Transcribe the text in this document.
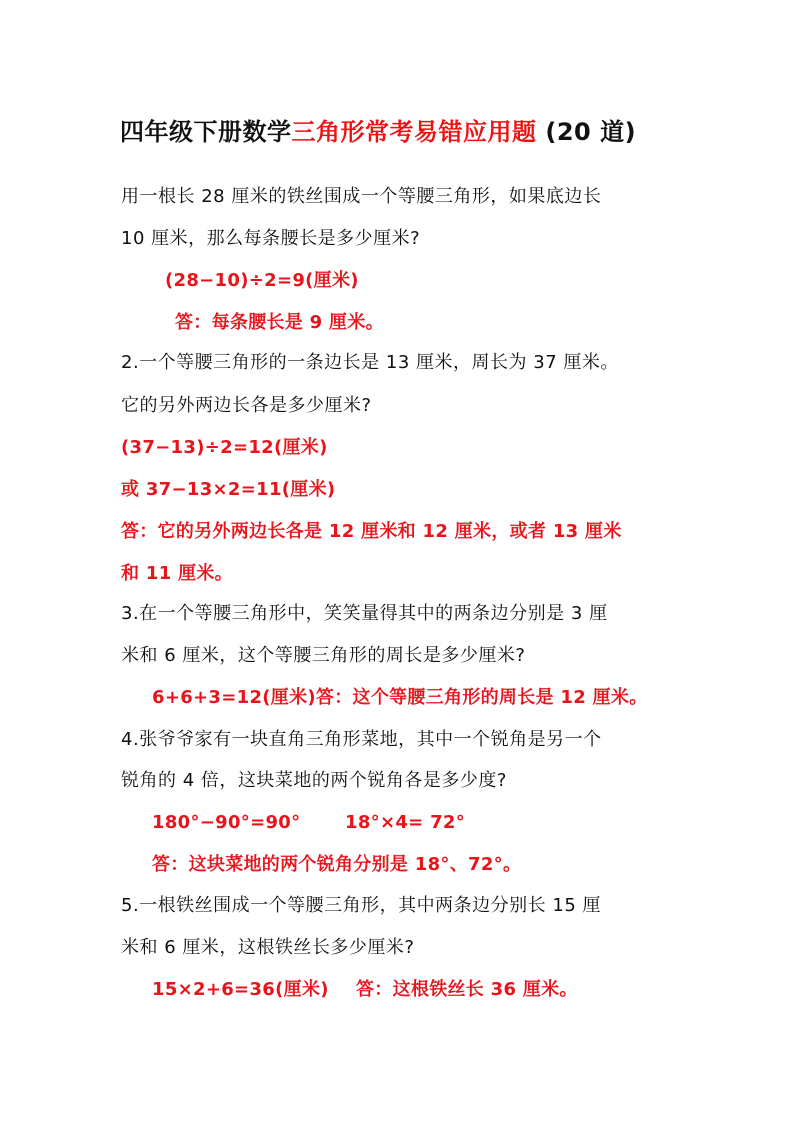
四年级下册数学三角形常考易错应用题 (20 道)
用一根长 28 厘米的铁丝围成一个等腰三角形，如果底边长
10 厘米，那么每条腰长是多少厘米?
(28−10)÷2=9(厘米)
答：每条腰长是 9 厘米。
2.一个等腰三角形的一条边长是 13 厘米，周长为 37 厘米。
它的另外两边长各是多少厘米?
(37−13)÷2=12(厘米)
或 37−13×2=11(厘米)
答：它的另外两边长各是 12 厘米和 12 厘米，或者 13 厘米
和 11 厘米。
3.在一个等腰三角形中，笑笑量得其中的两条边分别是 3 厘
米和 6 厘米，这个等腰三角形的周长是多少厘米?
6+6+3=12(厘米)答：这个等腰三角形的周长是 12 厘米。
4.张爷爷家有一块直角三角形菜地，其中一个锐角是另一个
锐角的 4 倍，这块菜地的两个锐角各是多少度?
180°−90°=90° 18°×4= 72°
答：这块菜地的两个锐角分别是 18°、72°。
5.一根铁丝围成一个等腰三角形，其中两条边分别长 15 厘
米和 6 厘米，这根铁丝长多少厘米?
15×2+6=36(厘米) 答：这根铁丝长 36 厘米。
